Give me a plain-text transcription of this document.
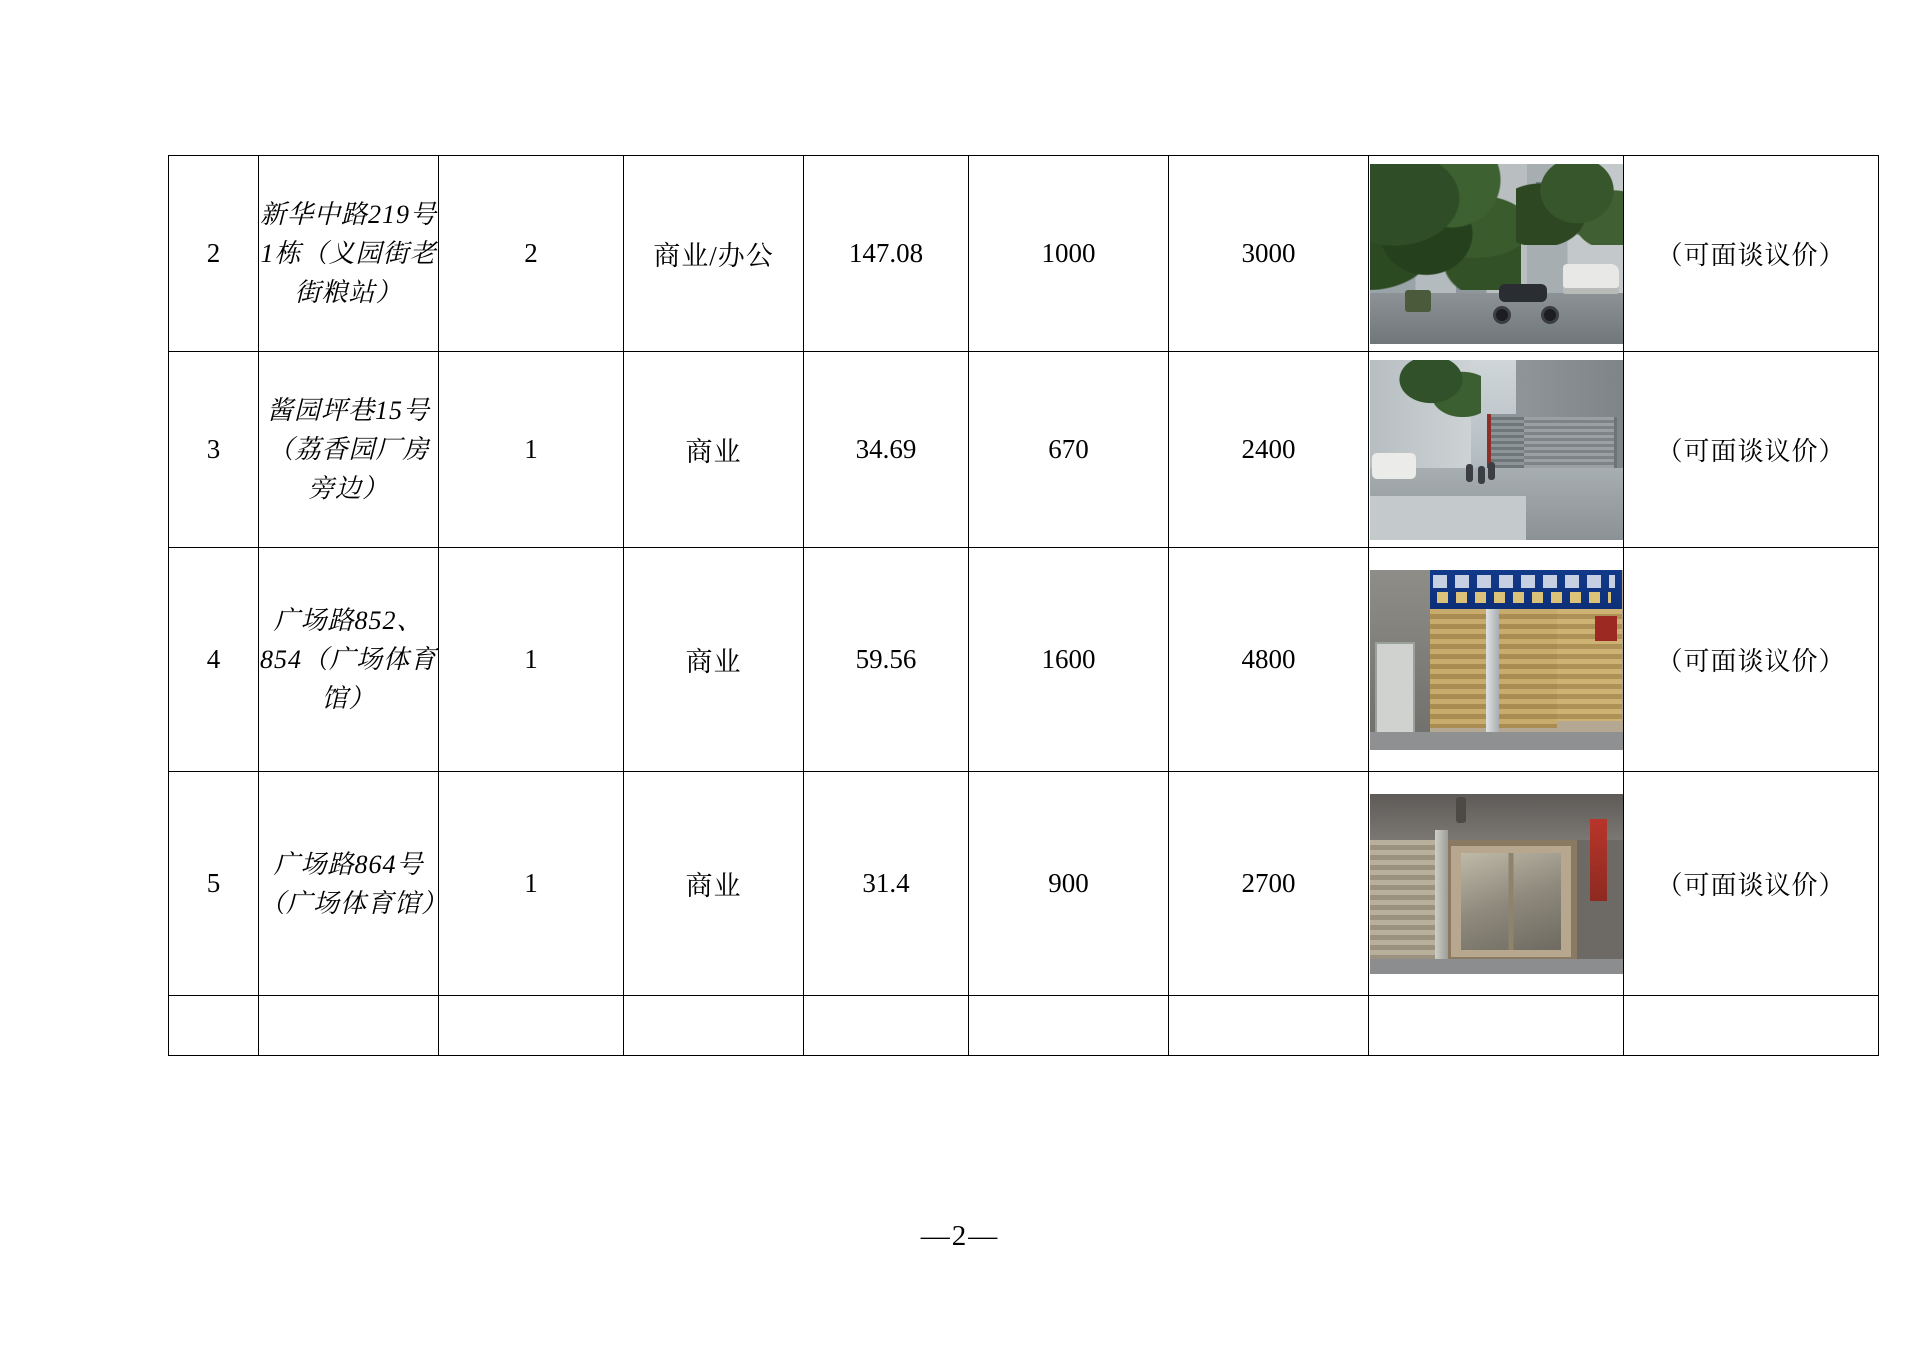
2	新华中路219号1栋（义园街老街粮站）	2	商业/办公	147.08	1000	3000		（可面谈议价）
3	酱园坪巷15号（荔香园厂房旁边）	1	商业	34.69	670	2400		（可面谈议价）
4	广场路852、854（广场体育馆）	1	商业	59.56	1600	4800		（可面谈议价）
5	广场路864号（广场体育馆）	1	商业	31.4	900	2700		（可面谈议价）

—2—
